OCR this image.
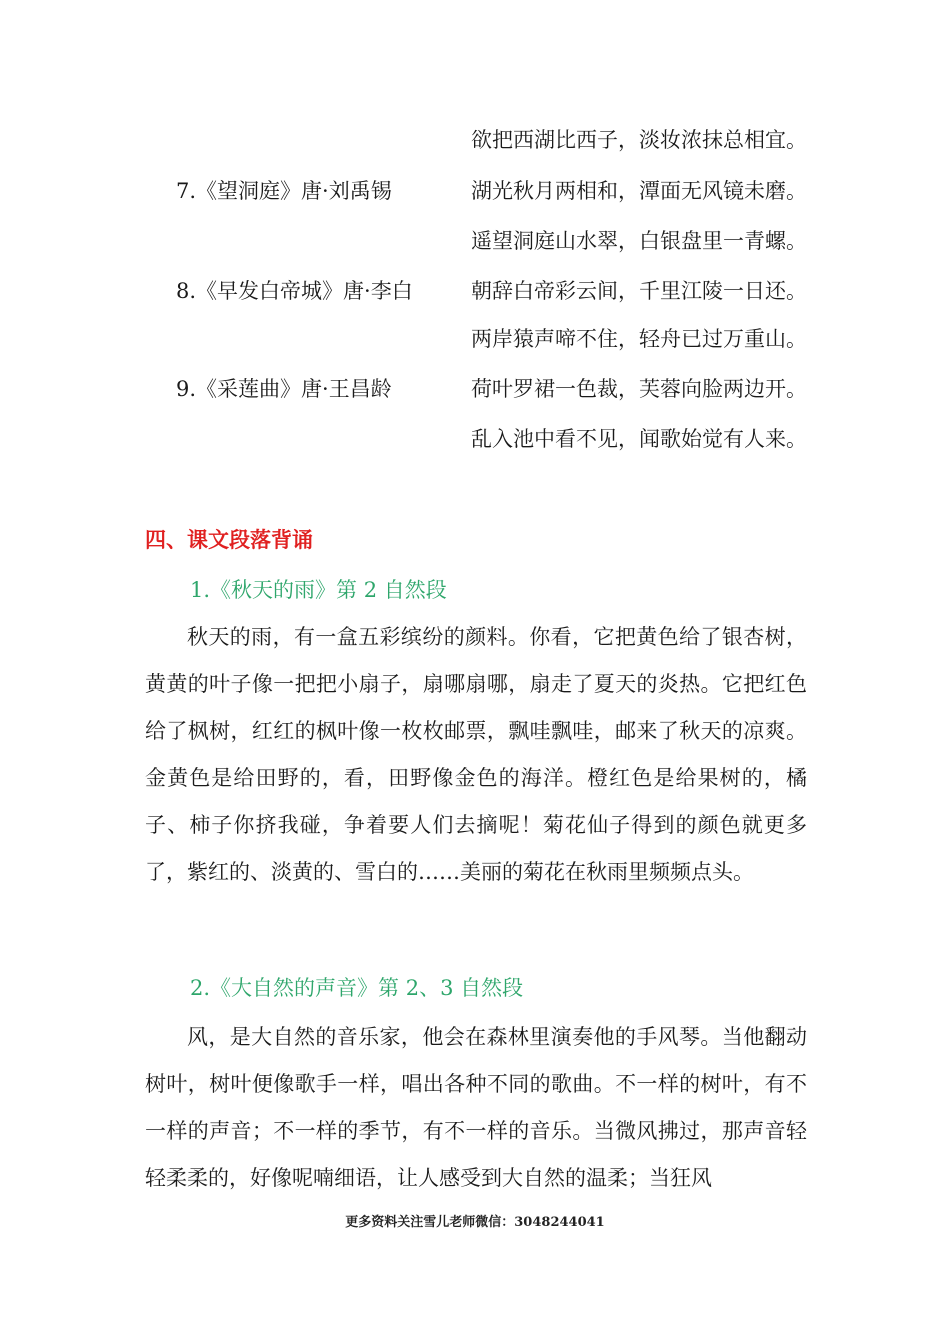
欲把西湖比西子，淡妆浓抹总相宜。
7.《望洞庭》唐·刘禹锡	湖光秋月两相和，潭面无风镜未磨。
遥望洞庭山水翠，白银盘里一青螺。
8.《早发白帝城》唐·李白	朝辞白帝彩云间，千里江陵一日还。
两岸猿声啼不住，轻舟已过万重山。
9.《采莲曲》唐·王昌龄	荷叶罗裙一色裁，芙蓉向脸两边开。
乱入池中看不见，闻歌始觉有人来。
四、课文段落背诵
1.《秋天的雨》第 2 自然段

秋天的雨，有一盒五彩缤纷的颜料。你看，它把黄色给了银杏树，黄黄的叶子像一把把小扇子，扇哪扇哪，扇走了夏天的炎热。它把红色给了枫树，红红的枫叶像一枚枚邮票，飘哇飘哇，邮来了秋天的凉爽。金黄色是给田野的，看，田野像金色的海洋。橙红色是给果树的，橘子、柿子你挤我碰，争着要人们去摘呢！菊花仙子得到的颜色就更多了，紫红的、淡黄的、雪白的……美丽的菊花在秋雨里频频点头。

2.《大自然的声音》第 2、3 自然段

风，是大自然的音乐家，他会在森林里演奏他的手风琴。当他翻动树叶，树叶便像歌手一样，唱出各种不同的歌曲。不一样的树叶，有不一样的声音；不一样的季节，有不一样的音乐。当微风拂过，那声音轻轻柔柔的，好像呢喃细语，让人感受到大自然的温柔；当狂风

更多资料关注雪儿老师微信：3048244041
